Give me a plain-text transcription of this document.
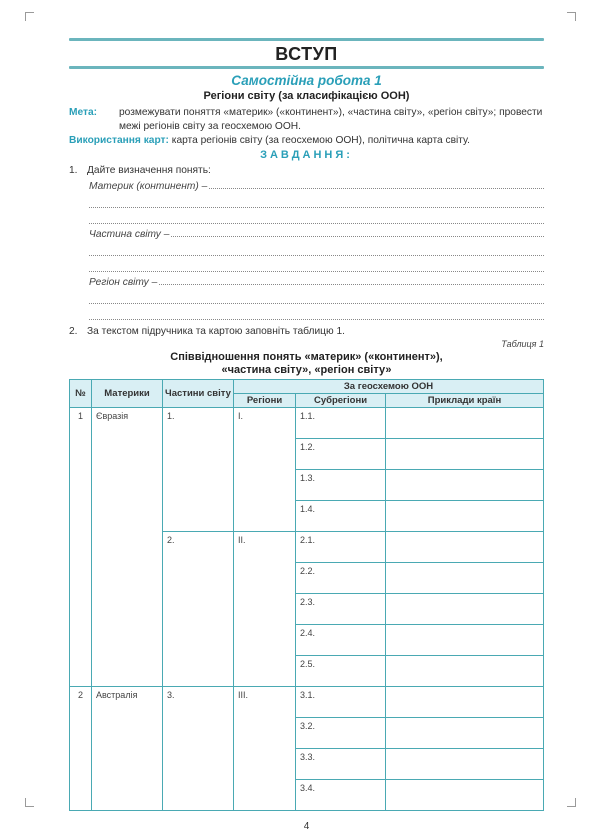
ВСТУП
Самостійна робота 1
Регіони світу (за класифікацією ООН)
Мета:	розмежувати поняття «материк» («континент»), «частина світу», «регіон світу»; провести межі регіонів світу за геосхемою ООН.
Використання карт: карта регіонів світу (за геосхемою ООН), політична карта світу.
ЗАВДАННЯ:
1. Дайте визначення понять:
Материк (континент) –
Частина світу –
Регіон світу –
2. За текстом підручника та картою заповніть таблицю 1.
Таблиця 1
Співвідношення понять «материк» («континент»),
«частина світу», «регіон світу»
№	Материки	Частини світу	За геосхемою ООН		
			Регіони	Субрегіони	Приклади країн
1	Євразія	1.	I.	1.1.	
				1.2.	
				1.3.	
				1.4.	
		2.	II.	2.1.	
				2.2.	
				2.3.	
				2.4.	
				2.5.	
2	Австралія	3.	III.	3.1.	
				3.2.	
				3.3.	
				3.4.	
4
